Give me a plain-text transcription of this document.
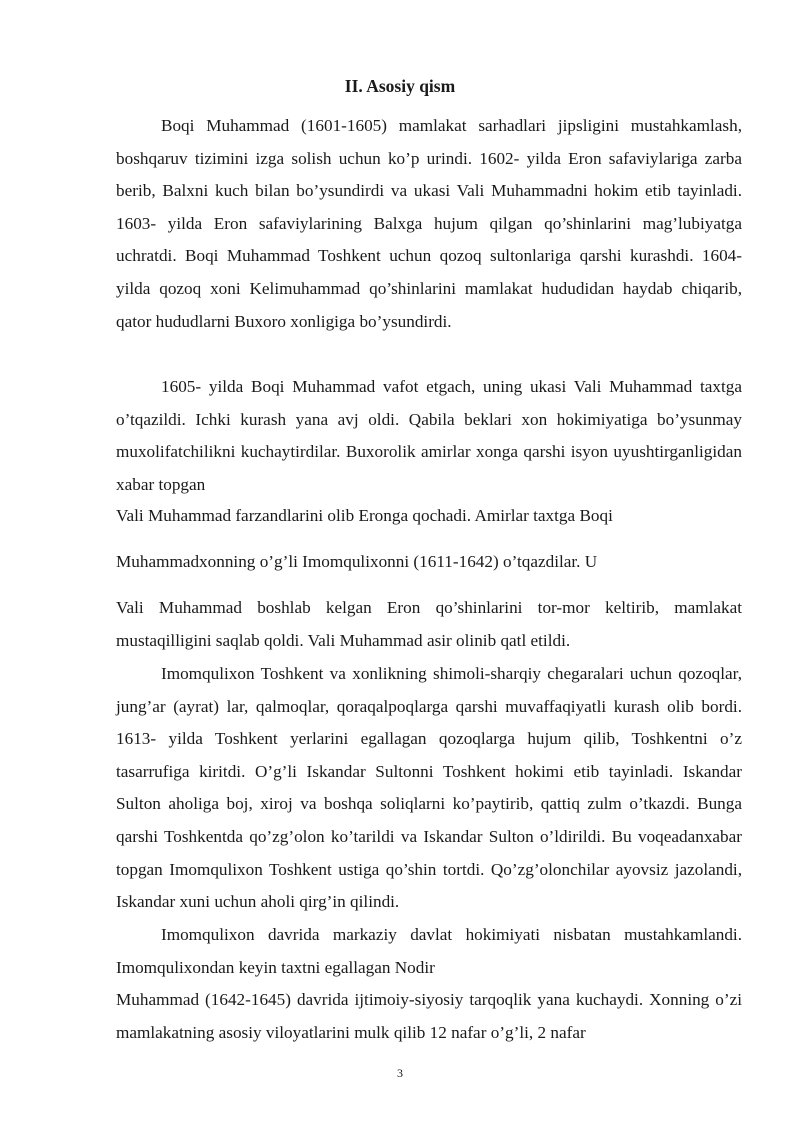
II. Asosiy qism

Boqi Muhammad (1601-1605) mamlakat sarhadlari jipsligini mustahkamlash, boshqaruv tizimini izga solish uchun ko’p urindi. 1602- yilda Eron safaviylariga zarba berib, Balxni kuch bilan bo’ysundirdi va ukasi Vali Muhammadni hokim etib tayinladi. 1603- yilda Eron safaviylarining Balxga hujum qilgan qo’shinlarini mag’lubiyatga uchratdi. Boqi Muhammad Toshkent uchun qozoq sultonlariga qarshi kurashdi. 1604- yilda qozoq xoni Kelimuhammad qo’shinlarini mamlakat hududidan haydab chiqarib, qator hududlarni Buxoro xonligiga bo’ysundirdi.

1605- yilda Boqi Muhammad vafot etgach, uning ukasi Vali Muhammad taxtga o’tqazildi. Ichki kurash yana avj oldi. Qabila beklari xon hokimiyatiga bo’ysunmay muxolifatchilikni kuchaytirdilar. Buxorolik amirlar xonga qarshi isyon uyushtirganligidan xabar topgan

Vali Muhammad farzandlarini olib Eronga qochadi. Amirlar taxtga Boqi
Muhammadxonning o’g’li Imomqulixonni (1611-1642) o’tqazdilar. U

Vali Muhammad boshlab kelgan Eron qo’shinlarini tor-mor keltirib, mamlakat mustaqilligini saqlab qoldi. Vali Muhammad asir olinib qatl etildi.

Imomqulixon Toshkent va xonlikning shimoli-sharqiy chegaralari uchun qozoqlar, jung’ar (ayrat) lar, qalmoqlar, qoraqalpoqlarga qarshi muvaffaqiyatli kurash olib bordi. 1613- yilda Toshkent yerlarini egallagan qozoqlarga hujum qilib, Toshkentni o’z tasarrufiga kiritdi. O’g’li Iskandar Sultonni Toshkent hokimi etib tayinladi. Iskandar Sulton aholiga boj, xiroj va boshqa soliqlarni ko’paytirib, qattiq zulm o’tkazdi. Bunga qarshi Toshkentda qo’zg’olon ko’tarildi va Iskandar Sulton o’ldirildi. Bu voqeadanxabar topgan Imomqulixon Toshkent ustiga qo’shin tortdi. Qo’zg’olonchilar ayovsiz jazolandi, Iskandar xuni uchun aholi qirg’in qilindi.

Imomqulixon davrida markaziy davlat hokimiyati nisbatan mustahkamlandi. Imomqulixondan keyin taxtni egallagan Nodir

Muhammad (1642-1645) davrida ijtimoiy-siyosiy tarqoqlik yana kuchaydi. Xonning o’zi mamlakatning asosiy viloyatlarini mulk qilib 12 nafar o’g’li, 2 nafar

3
